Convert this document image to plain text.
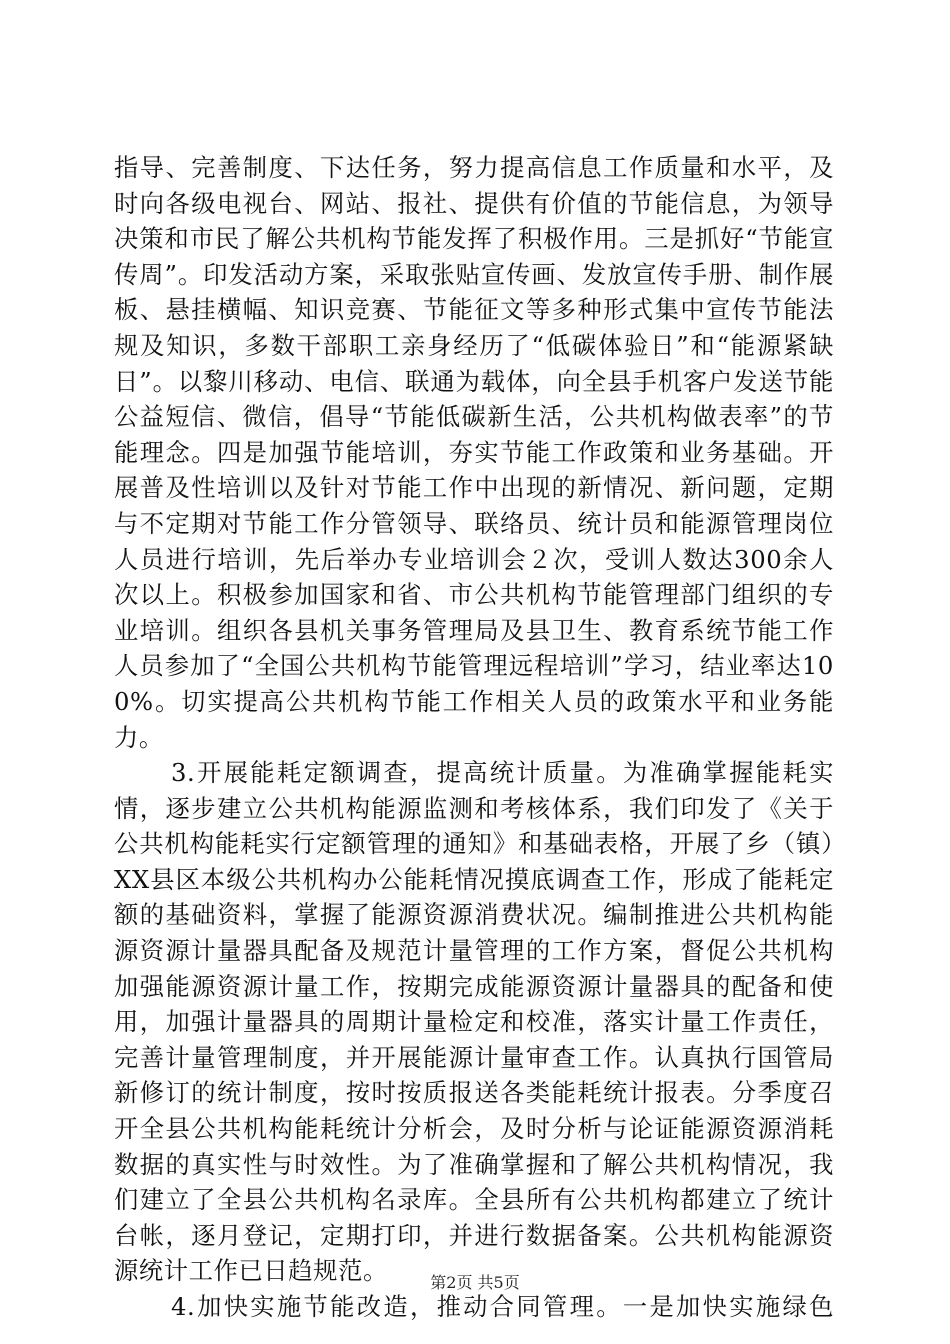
指导、完善制度、下达任务，努力提高信息工作质量和水平，及时向各级电视台、网站、报社、提供有价值的节能信息，为领导决策和市民了解公共机构节能发挥了积极作用。三是抓好“节能宣传周”。印发活动方案，采取张贴宣传画、发放宣传手册、制作展板、悬挂横幅、知识竞赛、节能征文等多种形式集中宣传节能法规及知识，多数干部职工亲身经历了“低碳体验日”和“能源紧缺日”。以黎川移动、电信、联通为载体，向全县手机客户发送节能公益短信、微信，倡导“节能低碳新生活，公共机构做表率”的节能理念。四是加强节能培训，夯实节能工作政策和业务基础。开展普及性培训以及针对节能工作中出现的新情况、新问题，定期与不定期对节能工作分管领导、联络员、统计员和能源管理岗位人员进行培训，先后举办专业培训会２次，受训人数达300余人次以上。积极参加国家和省、市公共机构节能管理部门组织的专业培训。组织各县机关事务管理局及县卫生、教育系统节能工作人员参加了“全国公共机构节能管理远程培训”学习，结业率达100%。切实提高公共机构节能工作相关人员的政策水平和业务能力。

3.开展能耗定额调查，提高统计质量。为准确掌握能耗实情，逐步建立公共机构能源监测和考核体系，我们印发了《关于公共机构能耗实行定额管理的通知》和基础表格，开展了乡（镇）XX县区本级公共机构办公能耗情况摸底调查工作，形成了能耗定额的基础资料，掌握了能源资源消费状况。编制推进公共机构能源资源计量器具配备及规范计量管理的工作方案，督促公共机构加强能源资源计量工作，按期完成能源资源计量器具的配备和使用，加强计量器具的周期计量检定和校准，落实计量工作责任，完善计量管理制度，并开展能源计量审查工作。认真执行国管局新修订的统计制度，按时按质报送各类能耗统计报表。分季度召开全县公共机构能耗统计分析会，及时分析与论证能源资源消耗数据的真实性与时效性。为了准确掌握和了解公共机构情况，我们建立了全县公共机构名录库。全县所有公共机构都建立了统计台帐，逐月登记，定期打印，并进行数据备案。公共机构能源资源统计工作已日趋规范。

4.加快实施节能改造，推动合同管理。一是加快实施绿色

第2页 共5页
